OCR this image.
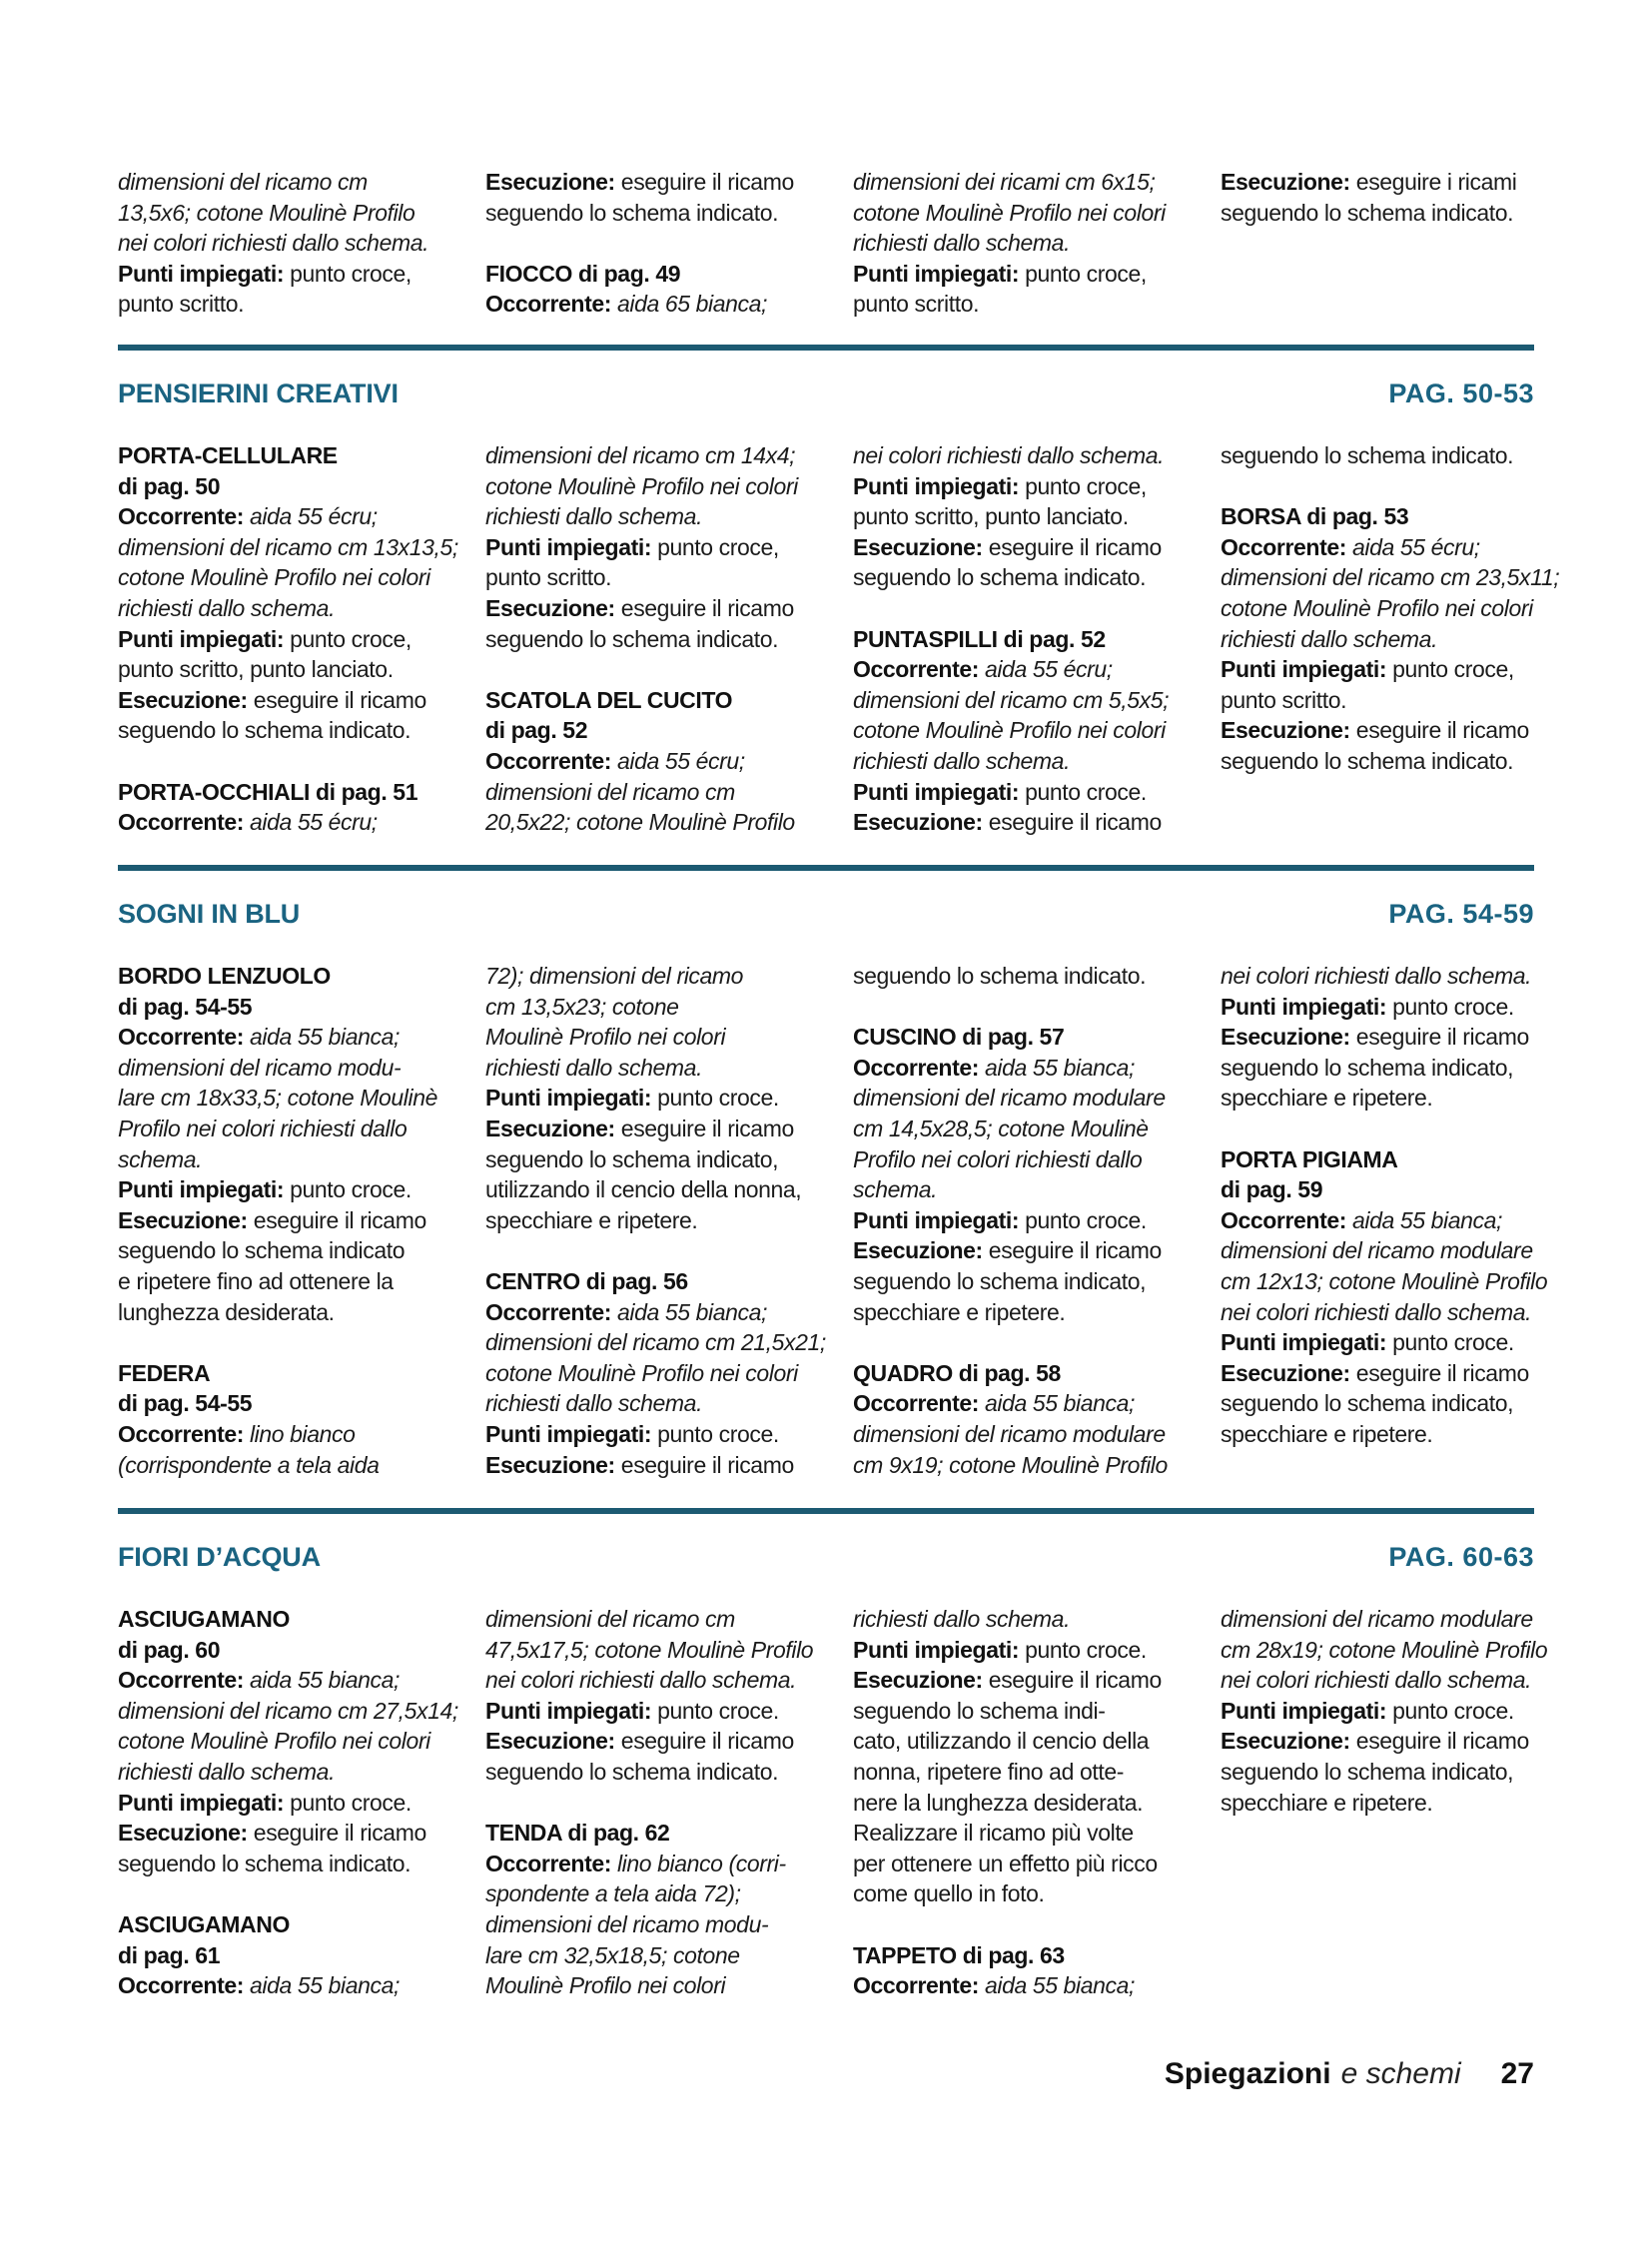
dimensioni del ricamo cm
13,5x6; cotone Moulinè Profilo
nei colori richiesti dallo schema.
Punti impiegati: punto croce,
punto scritto.
Esecuzione: eseguire il ricamo
seguendo lo schema indicato.
FIOCCO di pag. 49
Occorrente: aida 65 bianca;
dimensioni dei ricami cm 6x15;
cotone Moulinè Profilo nei colori
richiesti dallo schema.
Punti impiegati: punto croce,
punto scritto.
Esecuzione: eseguire i ricami
seguendo lo schema indicato.
PENSIERINI CREATIVI	PAG. 50-53
PORTA-CELLULARE
di pag. 50
Occorrente: aida 55 écru;
dimensioni del ricamo cm 13x13,5;
cotone Moulinè Profilo nei colori
richiesti dallo schema.
Punti impiegati: punto croce,
punto scritto, punto lanciato.
Esecuzione: eseguire il ricamo
seguendo lo schema indicato.
PORTA-OCCHIALI di pag. 51
Occorrente: aida 55 écru;
dimensioni del ricamo cm 14x4;
cotone Moulinè Profilo nei colori
richiesti dallo schema.
Punti impiegati: punto croce,
punto scritto.
Esecuzione: eseguire il ricamo
seguendo lo schema indicato.
SCATOLA DEL CUCITO
di pag. 52
Occorrente: aida 55 écru;
dimensioni del ricamo cm
20,5x22; cotone Moulinè Profilo
nei colori richiesti dallo schema.
Punti impiegati: punto croce,
punto scritto, punto lanciato.
Esecuzione: eseguire il ricamo
seguendo lo schema indicato.
PUNTASPILLI di pag. 52
Occorrente: aida 55 écru;
dimensioni del ricamo cm 5,5x5;
cotone Moulinè Profilo nei colori
richiesti dallo schema.
Punti impiegati: punto croce.
Esecuzione: eseguire il ricamo
seguendo lo schema indicato.
BORSA di pag. 53
Occorrente: aida 55 écru;
dimensioni del ricamo cm 23,5x11;
cotone Moulinè Profilo nei colori
richiesti dallo schema.
Punti impiegati: punto croce,
punto scritto.
Esecuzione: eseguire il ricamo
seguendo lo schema indicato.
SOGNI IN BLU	PAG. 54-59
BORDO LENZUOLO
di pag. 54-55
Occorrente: aida 55 bianca;
dimensioni del ricamo modu-
lare cm 18x33,5; cotone Moulinè
Profilo nei colori richiesti dallo
schema.
Punti impiegati: punto croce.
Esecuzione: eseguire il ricamo
seguendo lo schema indicato
e ripetere fino ad ottenere la
lunghezza desiderata.
FEDERA
di pag. 54-55
Occorrente: lino bianco
(corrispondente a tela aida
72); dimensioni del ricamo
cm 13,5x23; cotone
Moulinè Profilo nei colori
richiesti dallo schema.
Punti impiegati: punto croce.
Esecuzione: eseguire il ricamo
seguendo lo schema indicato,
utilizzando il cencio della nonna,
specchiare e ripetere.
CENTRO di pag. 56
Occorrente: aida 55 bianca;
dimensioni del ricamo cm 21,5x21;
cotone Moulinè Profilo nei colori
richiesti dallo schema.
Punti impiegati: punto croce.
Esecuzione: eseguire il ricamo
seguendo lo schema indicato.
CUSCINO di pag. 57
Occorrente: aida 55 bianca;
dimensioni del ricamo modulare
cm 14,5x28,5; cotone Moulinè
Profilo nei colori richiesti dallo
schema.
Punti impiegati: punto croce.
Esecuzione: eseguire il ricamo
seguendo lo schema indicato,
specchiare e ripetere.
QUADRO di pag. 58
Occorrente: aida 55 bianca;
dimensioni del ricamo modulare
cm 9x19; cotone Moulinè Profilo
nei colori richiesti dallo schema.
Punti impiegati: punto croce.
Esecuzione: eseguire il ricamo
seguendo lo schema indicato,
specchiare e ripetere.
PORTA PIGIAMA
di pag. 59
Occorrente: aida 55 bianca;
dimensioni del ricamo modulare
cm 12x13; cotone Moulinè Profilo
nei colori richiesti dallo schema.
Punti impiegati: punto croce.
Esecuzione: eseguire il ricamo
seguendo lo schema indicato,
specchiare e ripetere.
FIORI D’ACQUA	PAG. 60-63
ASCIUGAMANO
di pag. 60
Occorrente: aida 55 bianca;
dimensioni del ricamo cm 27,5x14;
cotone Moulinè Profilo nei colori
richiesti dallo schema.
Punti impiegati: punto croce.
Esecuzione: eseguire il ricamo
seguendo lo schema indicato.
ASCIUGAMANO
di pag. 61
Occorrente: aida 55 bianca;
dimensioni del ricamo cm
47,5x17,5; cotone Moulinè Profilo
nei colori richiesti dallo schema.
Punti impiegati: punto croce.
Esecuzione: eseguire il ricamo
seguendo lo schema indicato.
TENDA di pag. 62
Occorrente: lino bianco (corri-
spondente a tela aida 72);
dimensioni del ricamo modu-
lare cm 32,5x18,5; cotone
Moulinè Profilo nei colori
richiesti dallo schema.
Punti impiegati: punto croce.
Esecuzione: eseguire il ricamo
seguendo lo schema indi-
cato, utilizzando il cencio della
nonna, ripetere fino ad otte-
nere la lunghezza desiderata.
Realizzare il ricamo più volte
per ottenere un effetto più ricco
come quello in foto.
TAPPETO di pag. 63
Occorrente: aida 55 bianca;
dimensioni del ricamo modulare
cm 28x19; cotone Moulinè Profilo
nei colori richiesti dallo schema.
Punti impiegati: punto croce.
Esecuzione: eseguire il ricamo
seguendo lo schema indicato,
specchiare e ripetere.
Spiegazioni e schemi 27
